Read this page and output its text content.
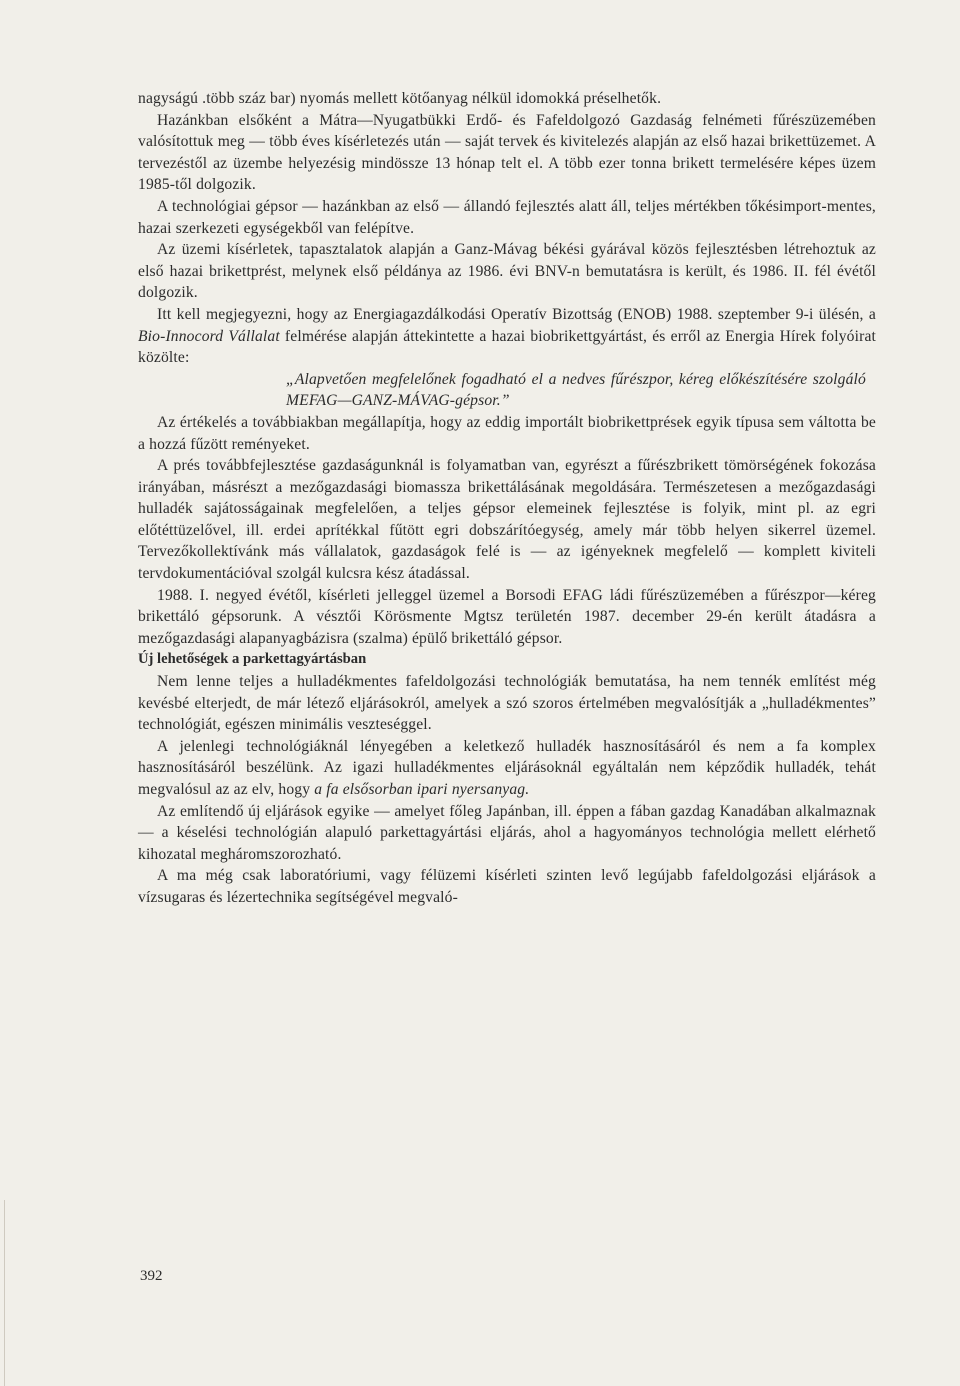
nagyságú .több száz bar) nyomás mellett kötőanyag nélkül idomokká préselhetők.

Hazánkban elsőként a Mátra—Nyugatbükki Erdő- és Fafeldolgozó Gazdaság felnémeti fűrészüzemében valósítottuk meg — több éves kísérletezés után — saját tervek és kivitelezés alapján az első hazai brikettüzemet. A tervezéstől az üzembe helyezésig mindössze 13 hónap telt el. A több ezer tonna brikett termelésére képes üzem 1985-től dolgozik.

A technológiai gépsor — hazánkban az első — állandó fejlesztés alatt áll, teljes mértékben tőkésimport-mentes, hazai szerkezeti egységekből van felépítve.

Az üzemi kísérletek, tapasztalatok alapján a Ganz-Mávag békési gyárával közös fejlesztésben létrehoztuk az első hazai brikettprést, melynek első példánya az 1986. évi BNV-n bemutatásra is került, és 1986. II. fél évétől dolgozik.

Itt kell megjegyezni, hogy az Energiagazdálkodási Operatív Bizottság (ENOB) 1988. szeptember 9-i ülésén, a Bio-Innocord Vállalat felmérése alapján áttekintette a hazai biobrikettgyártást, és erről az Energia Hírek folyóirat közölte:

„Alapvetően megfelelőnek fogadható el a nedves fűrészpor, kéreg előkészítésére szolgáló MEFAG—GANZ-MÁVAG-gépsor.”

Az értékelés a továbbiakban megállapítja, hogy az eddig importált biobrikettprések egyik típusa sem váltotta be a hozzá fűzött reményeket.

A prés továbbfejlesztése gazdaságunknál is folyamatban van, egyrészt a fűrészbrikett tömörségének fokozása irányában, másrészt a mezőgazdasági biomassza brikettálásának megoldására. Természetesen a mezőgazdasági hulladék sajátosságainak megfelelően, a teljes gépsor elemeinek fejlesztése is folyik, mint pl. az egri előtéttüzelővel, ill. erdei aprítékkal fűtött egri dobszárítóegység, amely már több helyen sikerrel üzemel. Tervezőkollektívánk más vállalatok, gazdaságok felé is — az igényeknek megfelelő — komplett kiviteli tervdokumentációval szolgál kulcsra kész átadással.

1988. I. negyed évétől, kísérleti jelleggel üzemel a Borsodi EFAG ládi fűrészüzemében a fűrészpor—kéreg brikettáló gépsorunk. A vésztői Körösmente Mgtsz területén 1987. december 29-én került átadásra a mezőgazdasági alapanyagbázisra (szalma) épülő brikettáló gépsor.

Új lehetőségek a parkettagyártásban

Nem lenne teljes a hulladékmentes fafeldolgozási technológiák bemutatása, ha nem tennék említést még kevésbé elterjedt, de már létező eljárásokról, amelyek a szó szoros értelmében megvalósítják a „hulladékmentes” technológiát, egészen minimális veszteséggel.

A jelenlegi technológiáknál lényegében a keletkező hulladék hasznosításáról és nem a fa komplex hasznosításáról beszélünk. Az igazi hulladékmentes eljárásoknál egyáltalán nem képződik hulladék, tehát megvalósul az az elv, hogy a fa elsősorban ipari nyersanyag.

Az említendő új eljárások egyike — amelyet főleg Japánban, ill. éppen a fában gazdag Kanadában alkalmaznak — a késelési technológián alapuló parkettagyártási eljárás, ahol a hagyományos technológia mellett elérhető kihozatal megháromszorozható.

A ma még csak laboratóriumi, vagy félüzemi kísérleti szinten levő legújabb fafeldolgozási eljárások a vízsugaras és lézertechnika segítségével megvaló-

392
